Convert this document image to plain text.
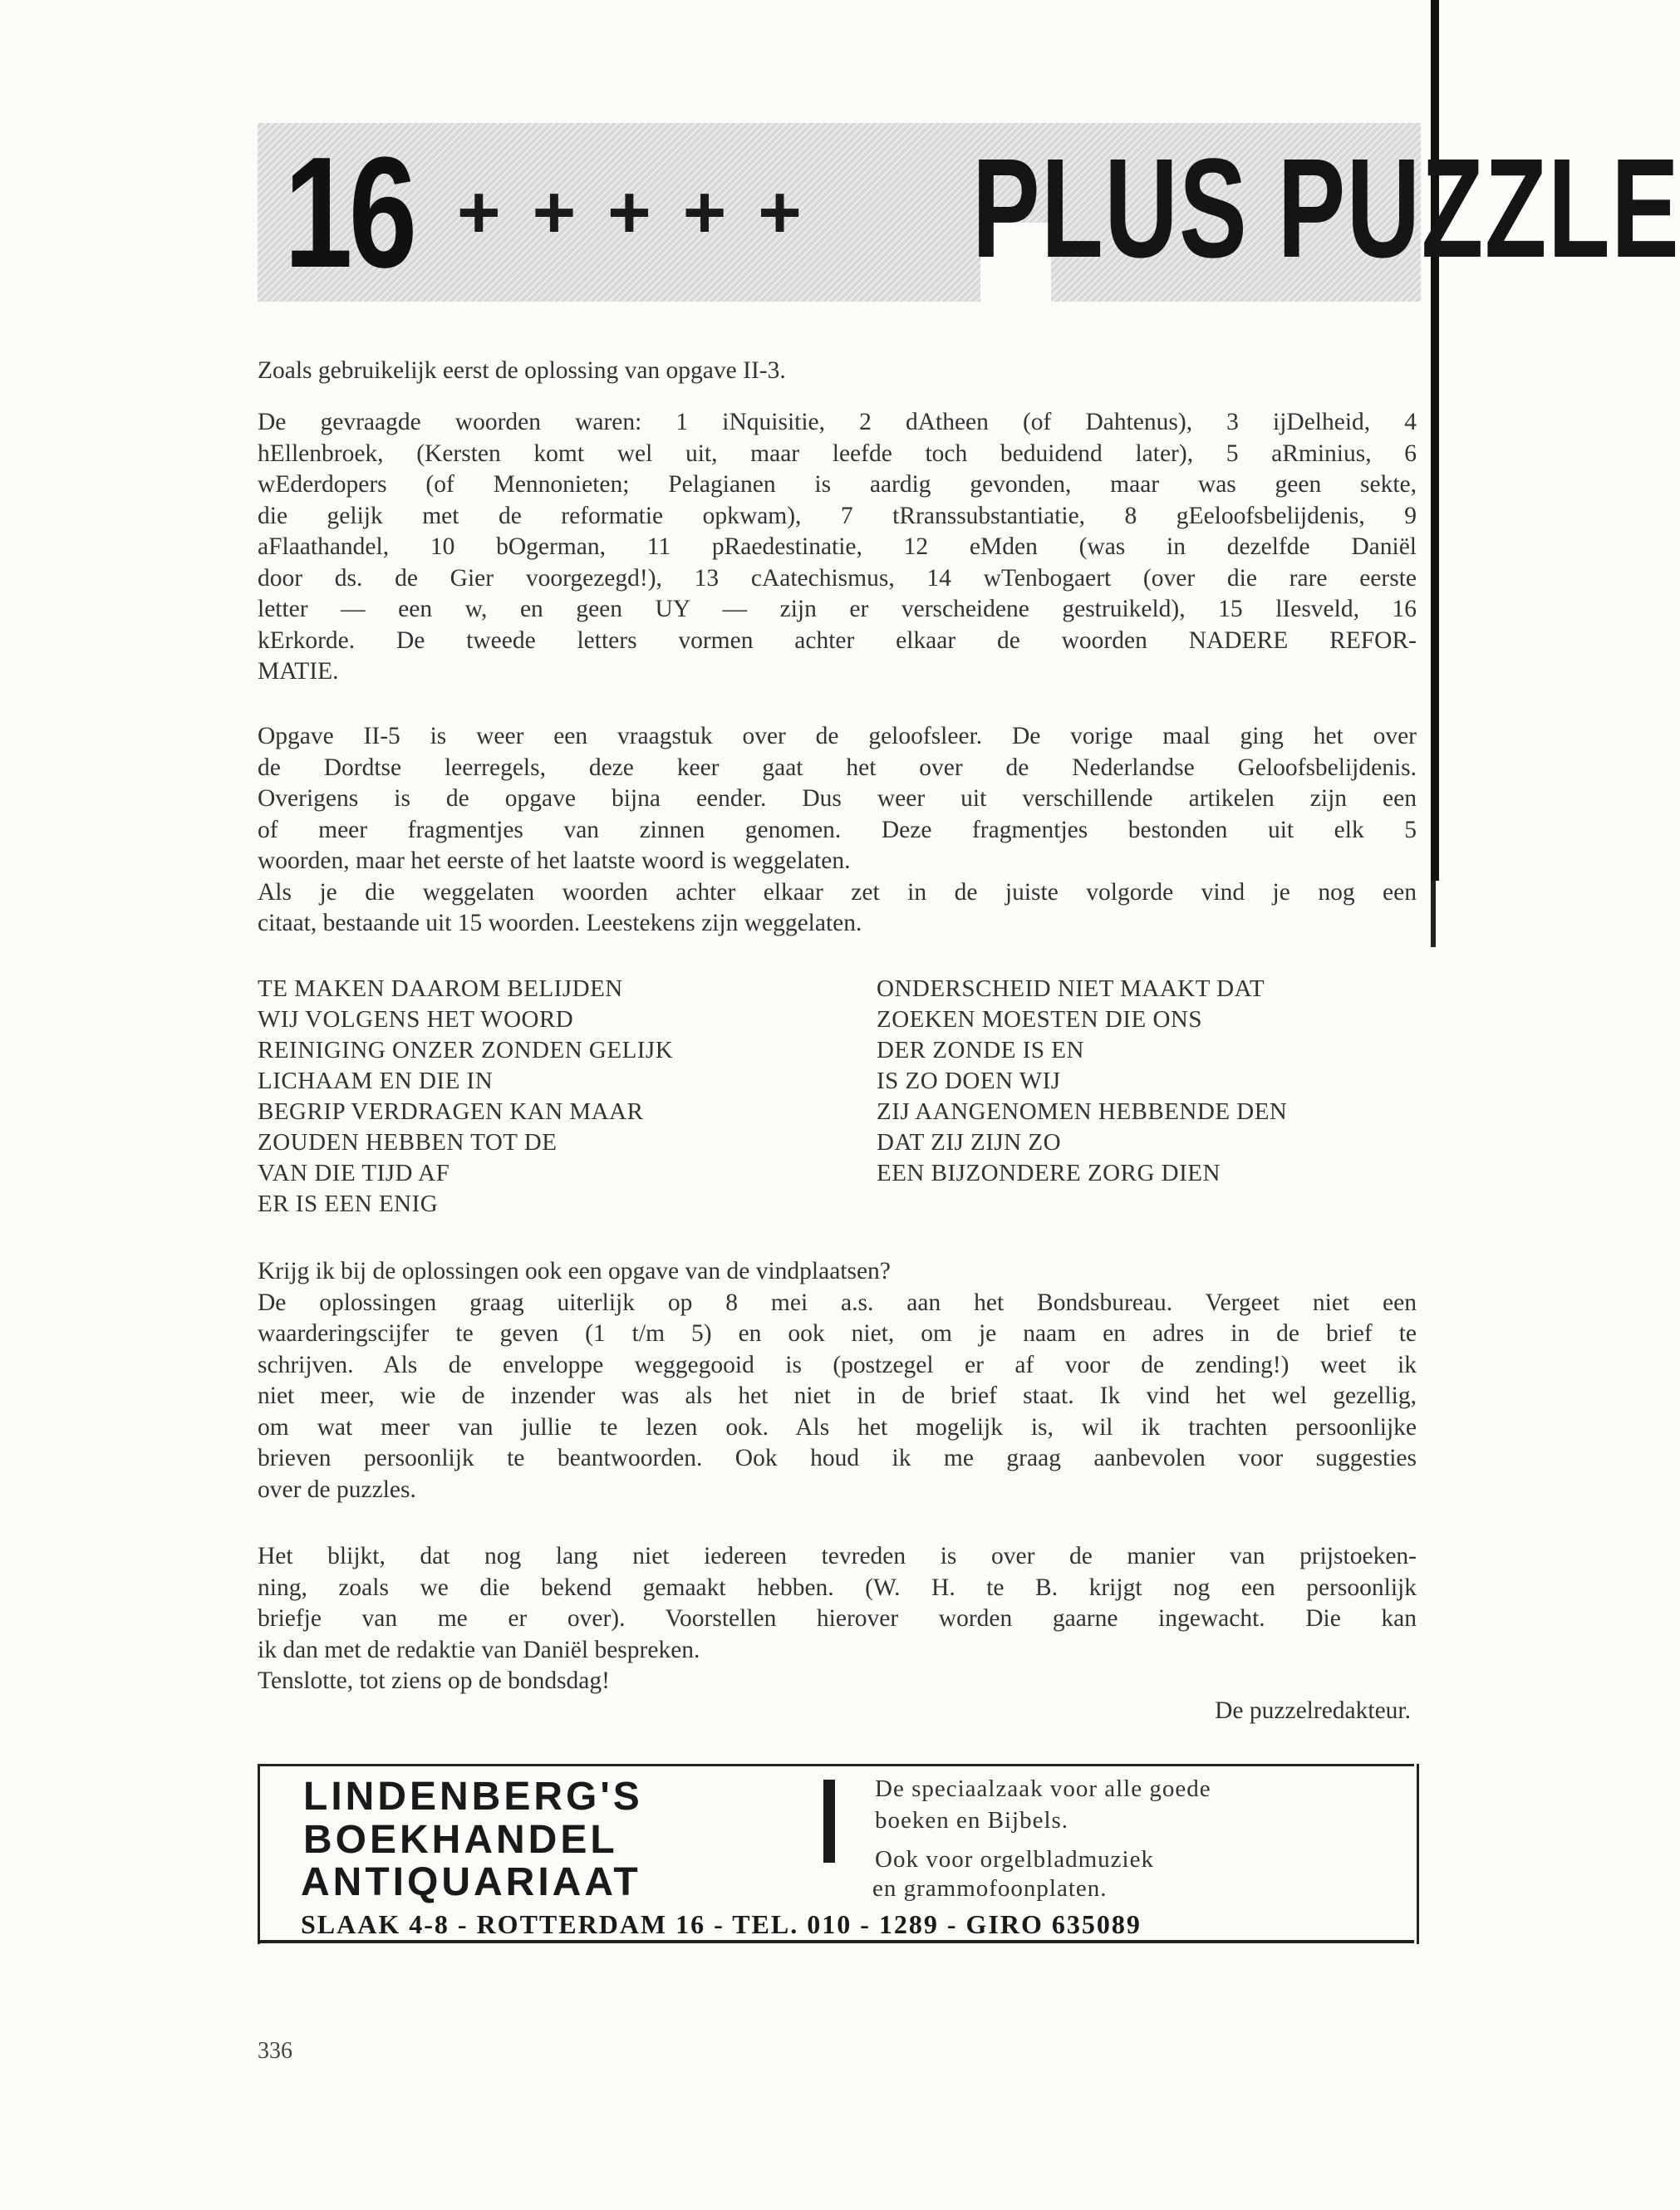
16 + + + + + PLUS PUZZLE
Zoals gebruikelijk eerst de oplossing van opgave II-3.
De gevraagde woorden waren: 1 iNquisitie, 2 dAtheen (of Dahtenus), 3 ijDelheid, 4
hEllenbroek, (Kersten komt wel uit, maar leefde toch beduidend later), 5 aRminius, 6
wEderdopers (of Mennonieten; Pelagianen is aardig gevonden, maar was geen sekte,
die gelijk met de reformatie opkwam), 7 tRranssubstantiatie, 8 gEeloofsbelijdenis, 9
aFlaathandel, 10 bOgerman, 11 pRaedestinatie, 12 eMden (was in dezelfde Daniël
door ds. de Gier voorgezegd!), 13 cAatechismus, 14 wTenbogaert (over die rare eerste
letter — een w, en geen UY — zijn er verscheidene gestruikeld), 15 lIesveld, 16
kErkorde. De tweede letters vormen achter elkaar de woorden NADERE REFOR-
MATIE.
Opgave II-5 is weer een vraagstuk over de geloofsleer. De vorige maal ging het over
de Dordtse leerregels, deze keer gaat het over de Nederlandse Geloofsbelijdenis.
Overigens is de opgave bijna eender. Dus weer uit verschillende artikelen zijn een
of meer fragmentjes van zinnen genomen. Deze fragmentjes bestonden uit elk 5
woorden, maar het eerste of het laatste woord is weggelaten.
Als je die weggelaten woorden achter elkaar zet in de juiste volgorde vind je nog een
citaat, bestaande uit 15 woorden. Leestekens zijn weggelaten.
TE MAKEN DAAROM BELIJDEN
WIJ VOLGENS HET WOORD
REINIGING ONZER ZONDEN GELIJK
LICHAAM EN DIE IN
BEGRIP VERDRAGEN KAN MAAR
ZOUDEN HEBBEN TOT DE
VAN DIE TIJD AF
ER IS EEN ENIG
ONDERSCHEID NIET MAAKT DAT
ZOEKEN MOESTEN DIE ONS
DER ZONDE IS EN
IS ZO DOEN WIJ
ZIJ AANGENOMEN HEBBENDE DEN
DAT ZIJ ZIJN ZO
EEN BIJZONDERE ZORG DIEN
Krijg ik bij de oplossingen ook een opgave van de vindplaatsen?
De oplossingen graag uiterlijk op 8 mei a.s. aan het Bondsbureau. Vergeet niet een
waarderingscijfer te geven (1 t/m 5) en ook niet, om je naam en adres in de brief te
schrijven. Als de enveloppe weggegooid is (postzegel er af voor de zending!) weet ik
niet meer, wie de inzender was als het niet in de brief staat. Ik vind het wel gezellig,
om wat meer van jullie te lezen ook. Als het mogelijk is, wil ik trachten persoonlijke
brieven persoonlijk te beantwoorden. Ook houd ik me graag aanbevolen voor suggesties
over de puzzles.
Het blijkt, dat nog lang niet iedereen tevreden is over de manier van prijstoeken-
ning, zoals we die bekend gemaakt hebben. (W. H. te B. krijgt nog een persoonlijk
briefje van me er over). Voorstellen hierover worden gaarne ingewacht. Die kan
ik dan met de redaktie van Daniël bespreken.
Tenslotte, tot ziens op de bondsdag!
De puzzelredakteur.
LINDENBERG'S
BOEKHANDEL
De speciaalzaak voor alle goede
boeken en Bijbels.
Ook voor orgelbladmuziek
ANTIQUARIAAT	en grammofoonplaten.
SLAAK 4-8 - ROTTERDAM 16 - TEL. 010 - 1289 - GIRO 635089
336
